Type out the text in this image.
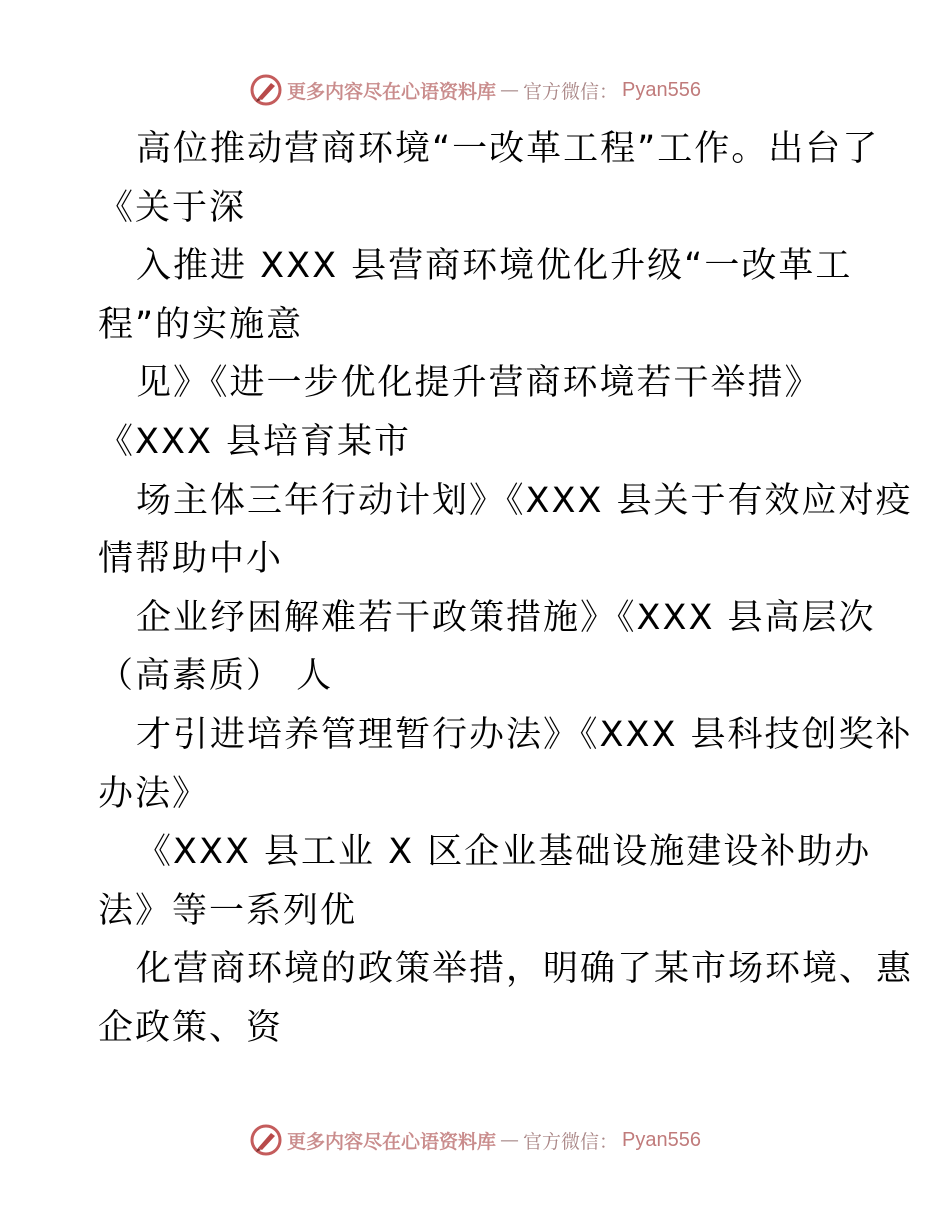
更多内容尽在心语资料库 — 官方微信： Pyan556
高位推动营商环境“一改革工程”工作。出台了
《关于深
入推进 XXX 县营商环境优化升级“一改革工
程”的实施意
见》《进一步优化提升营商环境若干举措》
《XXX 县培育某市
场主体三年行动计划》《XXX 县关于有效应对疫
情帮助中小
企业纾困解难若干政策措施》《XXX 县高层次
（高素质） 人
才引进培养管理暂行办法》《XXX 县科技创奖补
办法》
《XXX 县工业 X 区企业基础设施建设补助办
法》等一系列优
化营商环境的政策举措，明确了某市场环境、惠
企政策、资
更多内容尽在心语资料库 — 官方微信： Pyan556
